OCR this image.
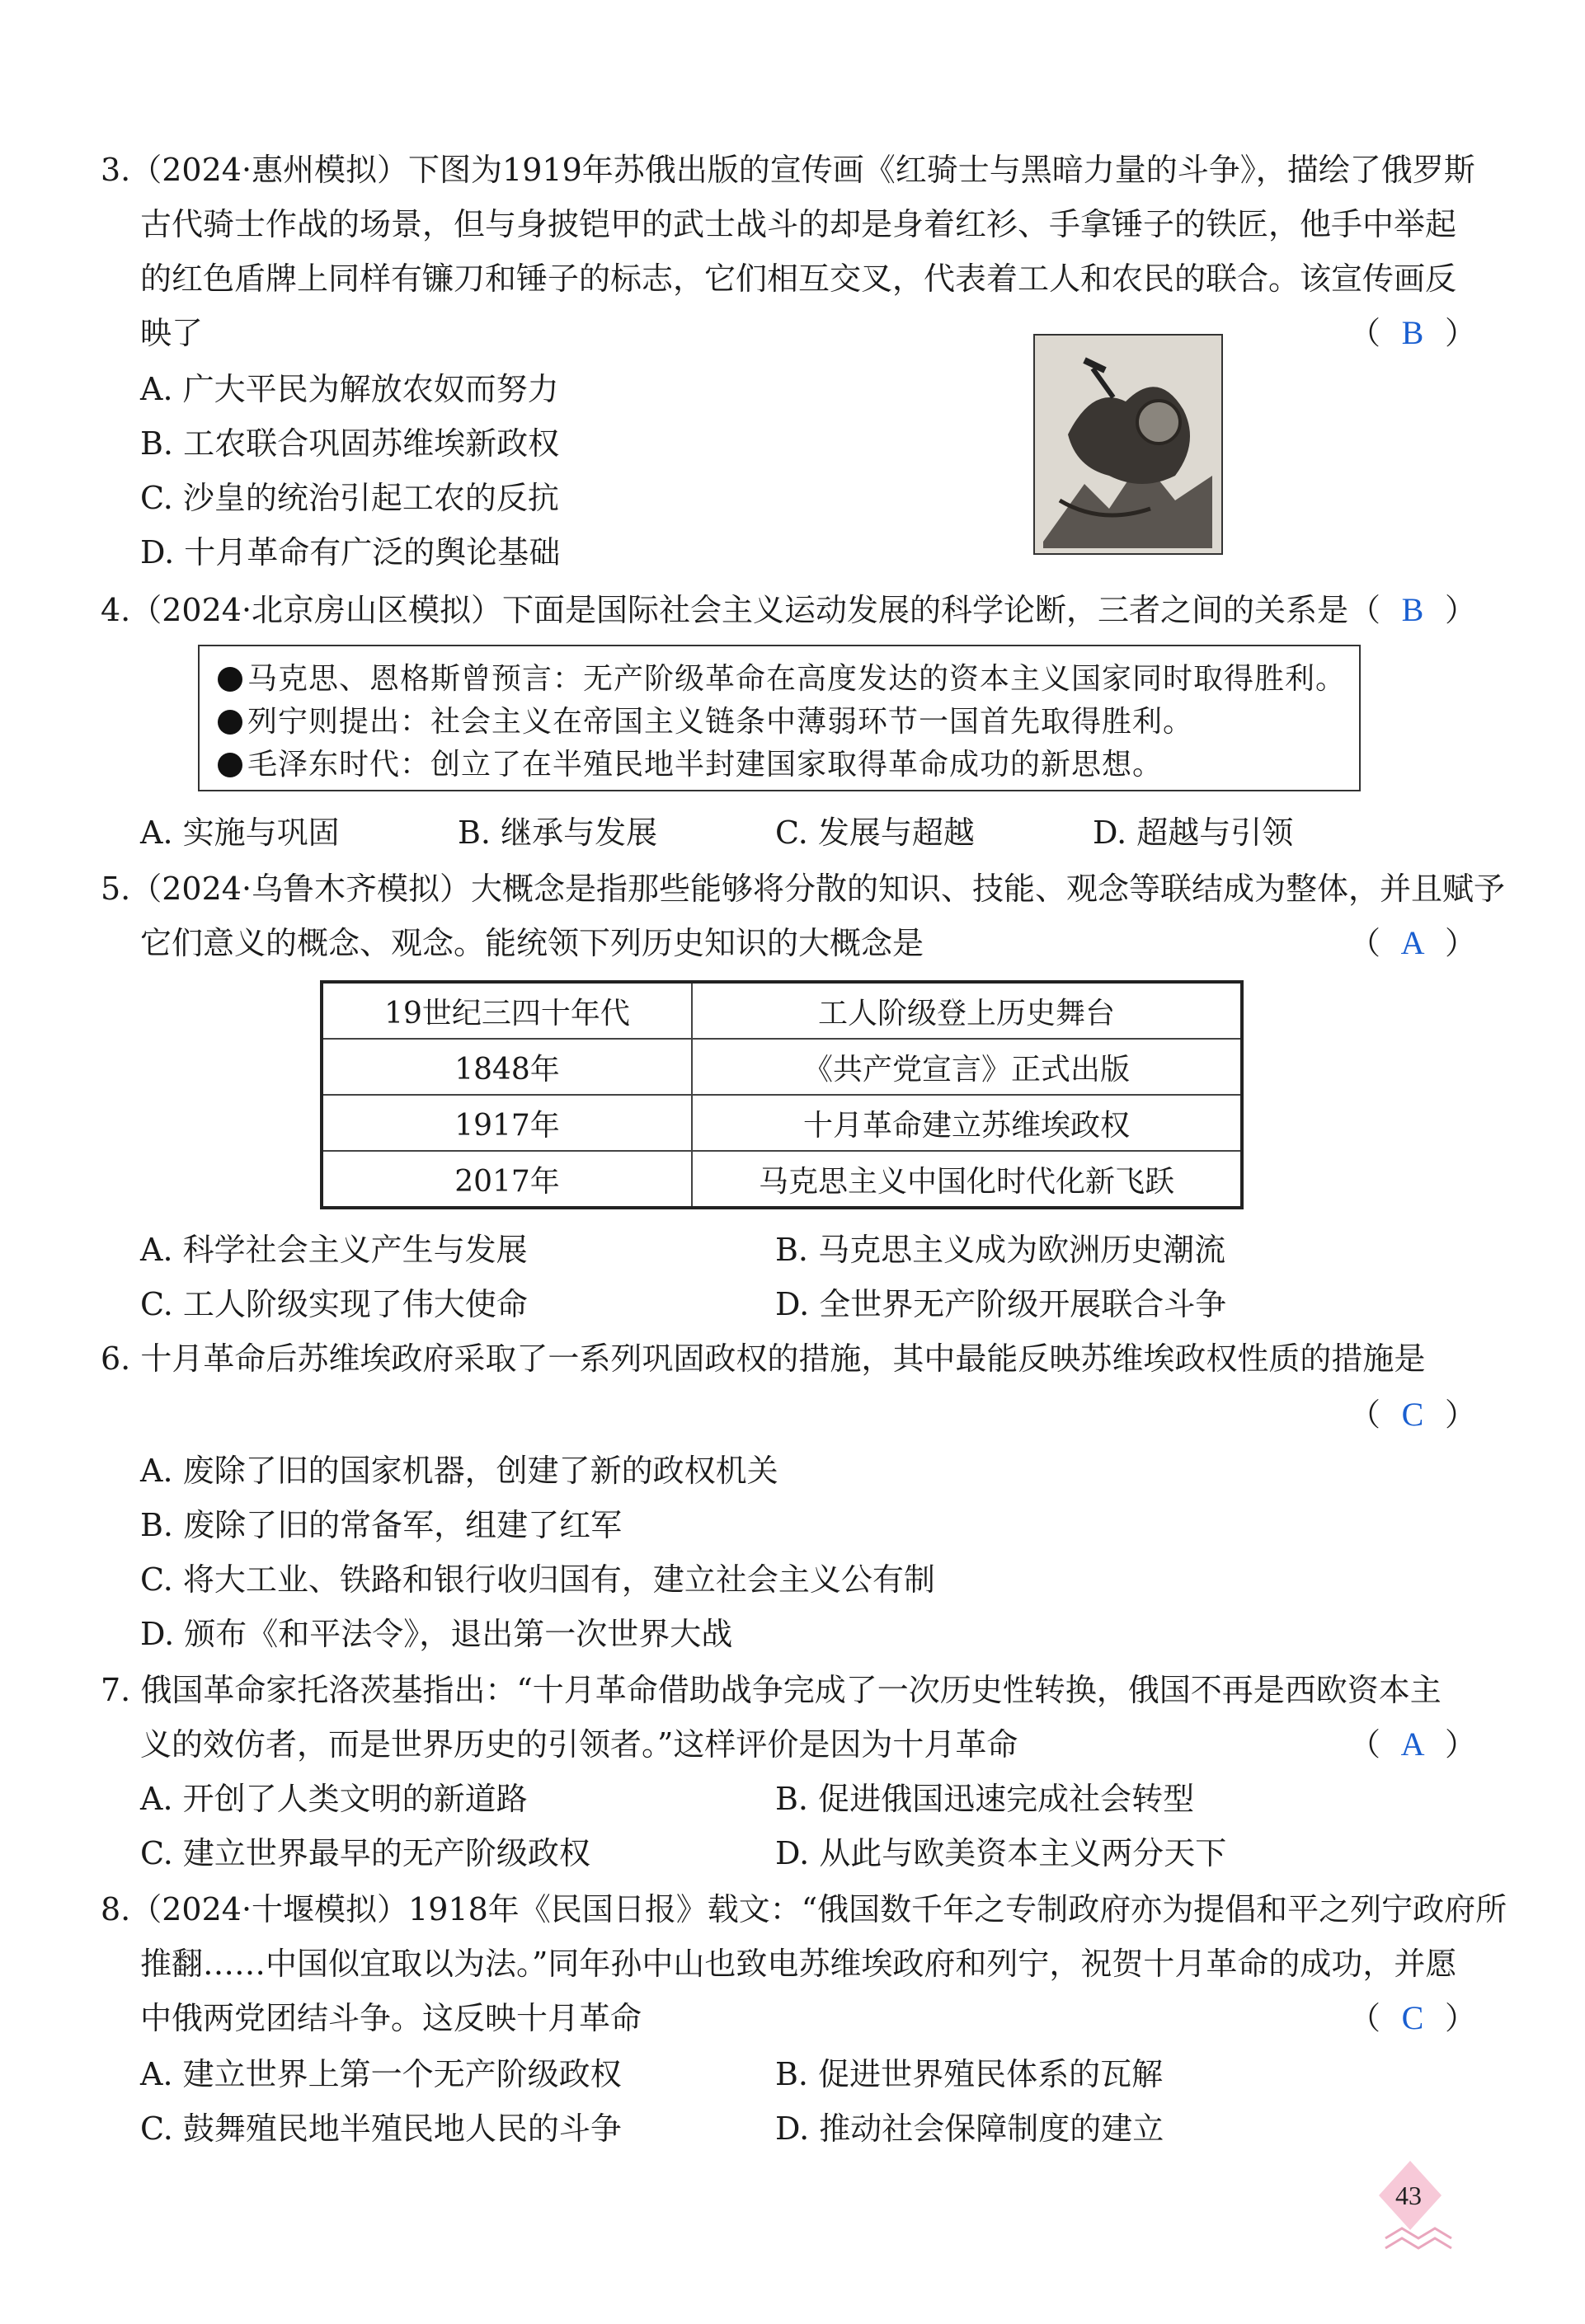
3.（2024·惠州模拟）下图为1919年苏俄出版的宣传画《红骑士与黑暗力量的斗争》，描绘了俄罗斯
古代骑士作战的场景，但与身披铠甲的武士战斗的却是身着红衫、手拿锤子的铁匠，他手中举起
的红色盾牌上同样有镰刀和锤子的标志，它们相互交叉，代表着工人和农民的联合。该宣传画反
映了	（ B ）
A. 广大平民为解放农奴而努力
B. 工农联合巩固苏维埃新政权
C. 沙皇的统治引起工农的反抗
D. 十月革命有广泛的舆论基础
4.（2024·北京房山区模拟）下面是国际社会主义运动发展的科学论断，三者之间的关系是 （ B ）
马克思、恩格斯曾预言：无产阶级革命在高度发达的资本主义国家同时取得胜利。
列宁则提出：社会主义在帝国主义链条中薄弱环节一国首先取得胜利。
毛泽东时代：创立了在半殖民地半封建国家取得革命成功的新思想。
A. 实施与巩固	B. 继承与发展	C. 发展与超越	D. 超越与引领
5.（2024·乌鲁木齐模拟）大概念是指那些能够将分散的知识、技能、观念等联结成为整体，并且赋予
它们意义的概念、观念。能统领下列历史知识的大概念是	（ A ）
19世纪三四十年代	工人阶级登上历史舞台
1848年	《共产党宣言》正式出版
1917年	十月革命建立苏维埃政权
2017年	马克思主义中国化时代化新飞跃
A. 科学社会主义产生与发展	B. 马克思主义成为欧洲历史潮流
C. 工人阶级实现了伟大使命	D. 全世界无产阶级开展联合斗争
6. 十月革命后苏维埃政府采取了一系列巩固政权的措施，其中最能反映苏维埃政权性质的措施是
（ C ）
A. 废除了旧的国家机器，创建了新的政权机关
B. 废除了旧的常备军，组建了红军
C. 将大工业、铁路和银行收归国有，建立社会主义公有制
D. 颁布《和平法令》，退出第一次世界大战
7. 俄国革命家托洛茨基指出：“十月革命借助战争完成了一次历史性转换，俄国不再是西欧资本主
义的效仿者，而是世界历史的引领者。”这样评价是因为十月革命	（ A ）
A. 开创了人类文明的新道路	B. 促进俄国迅速完成社会转型
C. 建立世界最早的无产阶级政权	D. 从此与欧美资本主义两分天下
8.（2024·十堰模拟）1918年《民国日报》载文：“俄国数千年之专制政府亦为提倡和平之列宁政府所
推翻……中国似宜取以为法。”同年孙中山也致电苏维埃政府和列宁，祝贺十月革命的成功，并愿
中俄两党团结斗争。这反映十月革命	（ C ）
A. 建立世界上第一个无产阶级政权	B. 促进世界殖民体系的瓦解
C. 鼓舞殖民地半殖民地人民的斗争	D. 推动社会保障制度的建立
43
